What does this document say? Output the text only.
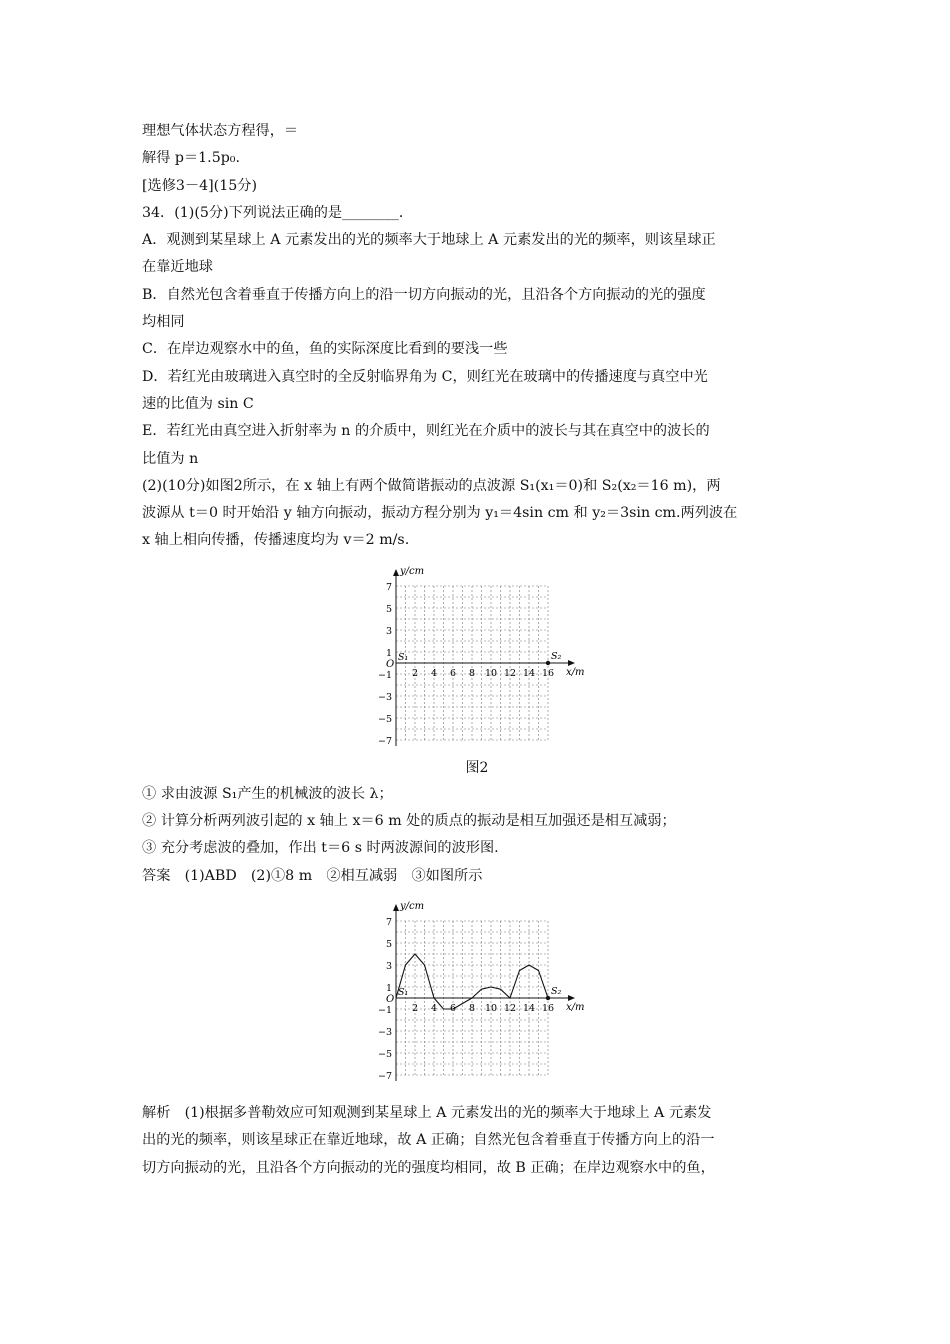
理想气体状态方程得，＝
解得 p＝1.5p₀.
[选修3－4](15分)
34．(1)(5分)下列说法正确的是________．
A．观测到某星球上 A 元素发出的光的频率大于地球上 A 元素发出的光的频率，则该星球正
在靠近地球
B．自然光包含着垂直于传播方向上的沿一切方向振动的光，且沿各个方向振动的光的强度
均相同
C．在岸边观察水中的鱼，鱼的实际深度比看到的要浅一些
D．若红光由玻璃进入真空时的全反射临界角为 C，则红光在玻璃中的传播速度与真空中光
速的比值为 sin C
E．若红光由真空进入折射率为 n 的介质中，则红光在介质中的波长与其在真空中的波长的
比值为 n
(2)(10分)如图2所示，在 x 轴上有两个做简谐振动的点波源 S₁(x₁＝0)和 S₂(x₂＝16 m)，两
波源从 t＝0 时开始沿 y 轴方向振动，振动方程分别为 y₁＝4sin cm 和 y₂＝3sin cm.两列波在
x 轴上相向传播，传播速度均为 v＝2 m/s.
y/cm
x/m
O
7
5
3
1
−1
−3
−5
−7
2 4 6 8 10 12 14 16
S₁	S₂
图2
① 求由波源 S₁产生的机械波的波长 λ；
② 计算分析两列波引起的 x 轴上 x＝6 m 处的质点的振动是相互加强还是相互减弱；
③ 充分考虑波的叠加，作出 t＝6 s 时两波源间的波形图.
答案　(1)ABD　(2)①8 m　②相互减弱　③如图所示
y/cm
x/m
O
7
5
3
1
−1
−3
−5
−7
2 4 6 8 10 12 14 16
S₁	S₂
解析　(1)根据多普勒效应可知观测到某星球上 A 元素发出的光的频率大于地球上 A 元素发
出的光的频率，则该星球正在靠近地球，故 A 正确；自然光包含着垂直于传播方向上的沿一
切方向振动的光，且沿各个方向振动的光的强度均相同，故 B 正确；在岸边观察水中的鱼，
